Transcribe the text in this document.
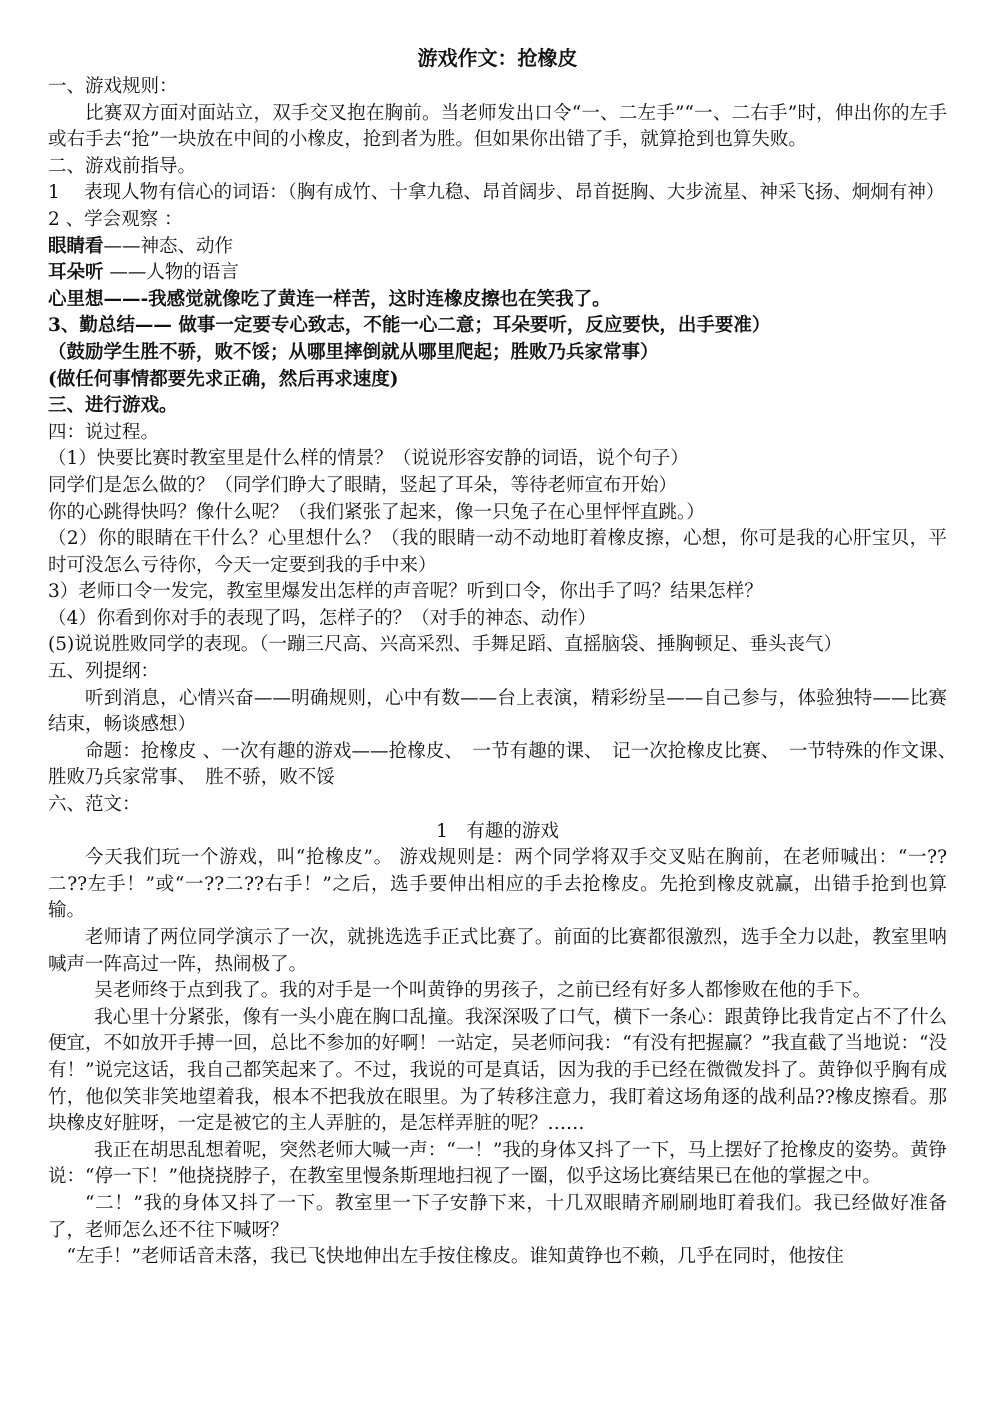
游戏作文：抢橡皮

一、游戏规则：

比赛双方面对面站立，双手交叉抱在胸前。当老师发出口令“一、二左手”“一、二右手”时，伸出你的左手或右手去“抢”一块放在中间的小橡皮，抢到者为胜。但如果你出错了手，就算抢到也算失败。

二、游戏前指导。

1　 表现人物有信心的词语：（胸有成竹、十拿九稳、昂首阔步、昂首挺胸、大步流星、神采飞扬、炯炯有神）

2 、学会观察 ：

眼睛看——神态、动作

耳朵听 ——人物的语言

心里想——-我感觉就像吃了黄连一样苦，这时连橡皮擦也在笑我了。

3、勤总结—— 做事一定要专心致志，不能一心二意；耳朵要听，反应要快，出手要准）

（鼓励学生胜不骄，败不馁；从哪里摔倒就从哪里爬起；胜败乃兵家常事）

(做任何事情都要先求正确，然后再求速度)

三、进行游戏。

四：说过程。

（1）快要比赛时教室里是什么样的情景？（说说形容安静的词语，说个句子）

同学们是怎么做的？（同学们睁大了眼睛，竖起了耳朵，等待老师宣布开始）

你的心跳得快吗？像什么呢？（我们紧张了起来，像一只兔子在心里怦怦直跳。）

（2）你的眼睛在干什么？心里想什么？（我的眼睛一动不动地盯着橡皮擦，心想，你可是我的心肝宝贝，平时可没怎么亏待你，今天一定要到我的手中来）

3）老师口令一发完，教室里爆发出怎样的声音呢？听到口令，你出手了吗？结果怎样？

（4）你看到你对手的表现了吗，怎样子的？（对手的神态、动作）

(5)说说胜败同学的表现。（一蹦三尺高、兴高采烈、手舞足蹈、直摇脑袋、捶胸顿足、垂头丧气）

五、列提纲：

听到消息，心情兴奋——明确规则，心中有数——台上表演，精彩纷呈——自己参与，体验独特——比赛结束，畅谈感想）

命题：抢橡皮 、一次有趣的游戏——抢橡皮、　一节有趣的课、　记一次抢橡皮比赛、　一节特殊的作文课、　胜败乃兵家常事、　胜不骄，败不馁

六、范文：

1　有趣的游戏

今天我们玩一个游戏，叫“抢橡皮”。 游戏规则是：两个同学将双手交叉贴在胸前，在老师喊出：“一??二??左手！”或“一??二??右手！”之后，选手要伸出相应的手去抢橡皮。先抢到橡皮就赢，出错手抢到也算输。

老师请了两位同学演示了一次，就挑选选手正式比赛了。前面的比赛都很激烈，选手全力以赴，教室里呐喊声一阵高过一阵，热闹极了。

吴老师终于点到我了。我的对手是一个叫黄铮的男孩子，之前已经有好多人都惨败在他的手下。

我心里十分紧张，像有一头小鹿在胸口乱撞。我深深吸了口气，横下一条心：跟黄铮比我肯定占不了什么便宜，不如放开手搏一回，总比不参加的好啊！一站定，吴老师问我：“有没有把握赢？”我直截了当地说：“没有！”说完这话，我自己都笑起来了。不过，我说的可是真话，因为我的手已经在微微发抖了。黄铮似乎胸有成竹，他似笑非笑地望着我，根本不把我放在眼里。为了转移注意力，我盯着这场角逐的战利品??橡皮擦看。那块橡皮好脏呀，一定是被它的主人弄脏的，是怎样弄脏的呢？……

我正在胡思乱想着呢，突然老师大喊一声：“一！”我的身体又抖了一下，马上摆好了抢橡皮的姿势。黄铮说：“停一下！”他挠挠脖子，在教室里慢条斯理地扫视了一圈，似乎这场比赛结果已在他的掌握之中。

“二！”我的身体又抖了一下。教室里一下子安静下来，十几双眼睛齐刷刷地盯着我们。我已经做好准备了，老师怎么还不往下喊呀？

“左手！”老师话音未落，我已飞快地伸出左手按住橡皮。谁知黄铮也不赖，几乎在同时，他按住
